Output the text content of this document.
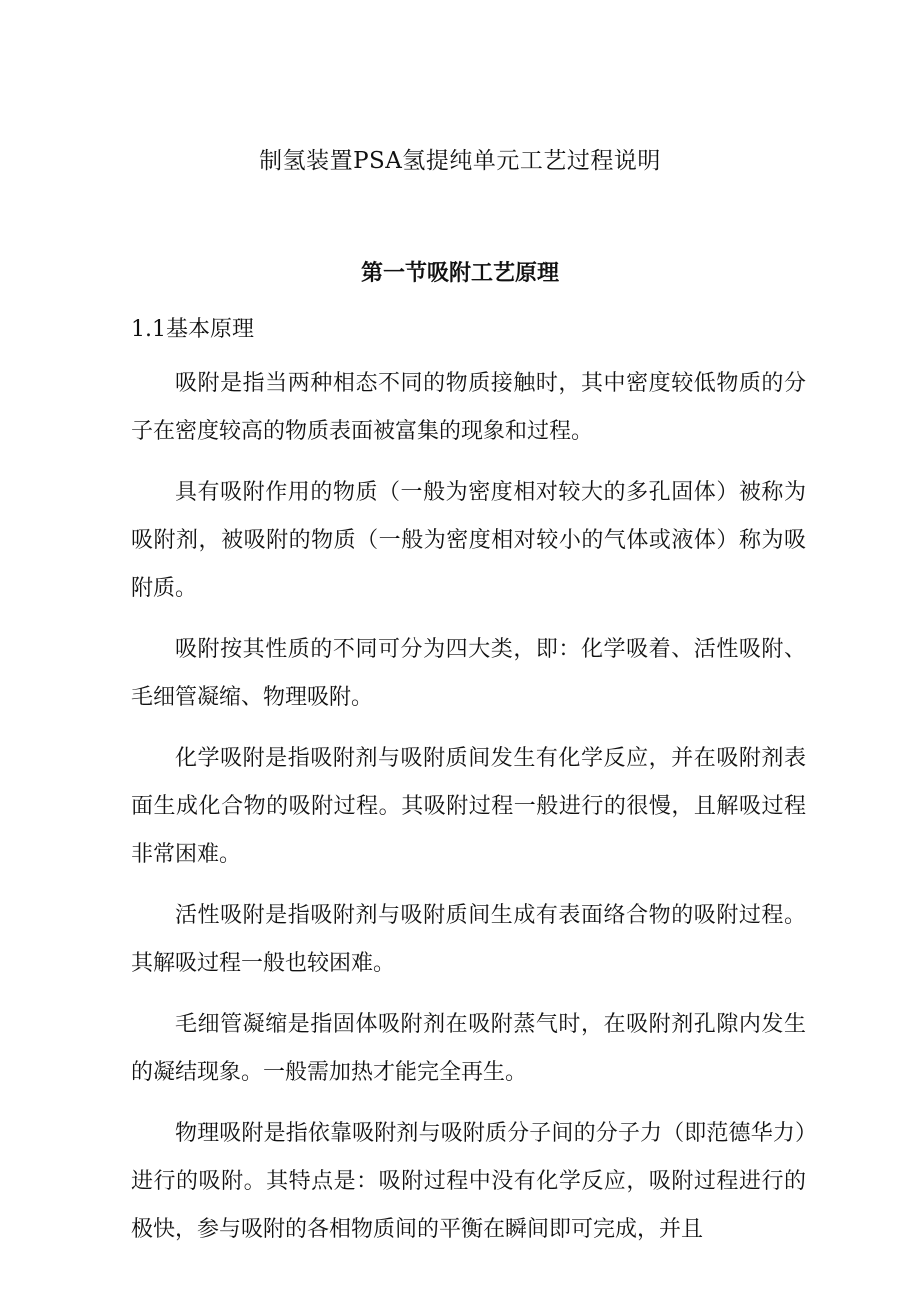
制氢装置PSA氢提纯单元工艺过程说明
第一节吸附工艺原理
1.1基本原理

吸附是指当两种相态不同的物质接触时，其中密度较低物质的分子在密度较高的物质表面被富集的现象和过程。

具有吸附作用的物质（一般为密度相对较大的多孔固体）被称为吸附剂，被吸附的物质（一般为密度相对较小的气体或液体）称为吸附质。

吸附按其性质的不同可分为四大类，即：化学吸着、活性吸附、毛细管凝缩、物理吸附。

化学吸附是指吸附剂与吸附质间发生有化学反应，并在吸附剂表面生成化合物的吸附过程。其吸附过程一般进行的很慢，且解吸过程非常困难。

活性吸附是指吸附剂与吸附质间生成有表面络合物的吸附过程。其解吸过程一般也较困难。

毛细管凝缩是指固体吸附剂在吸附蒸气时，在吸附剂孔隙内发生的凝结现象。一般需加热才能完全再生。

物理吸附是指依靠吸附剂与吸附质分子间的分子力（即范德华力）进行的吸附。其特点是：吸附过程中没有化学反应，吸附过程进行的极快，参与吸附的各相物质间的平衡在瞬间即可完成，并且
